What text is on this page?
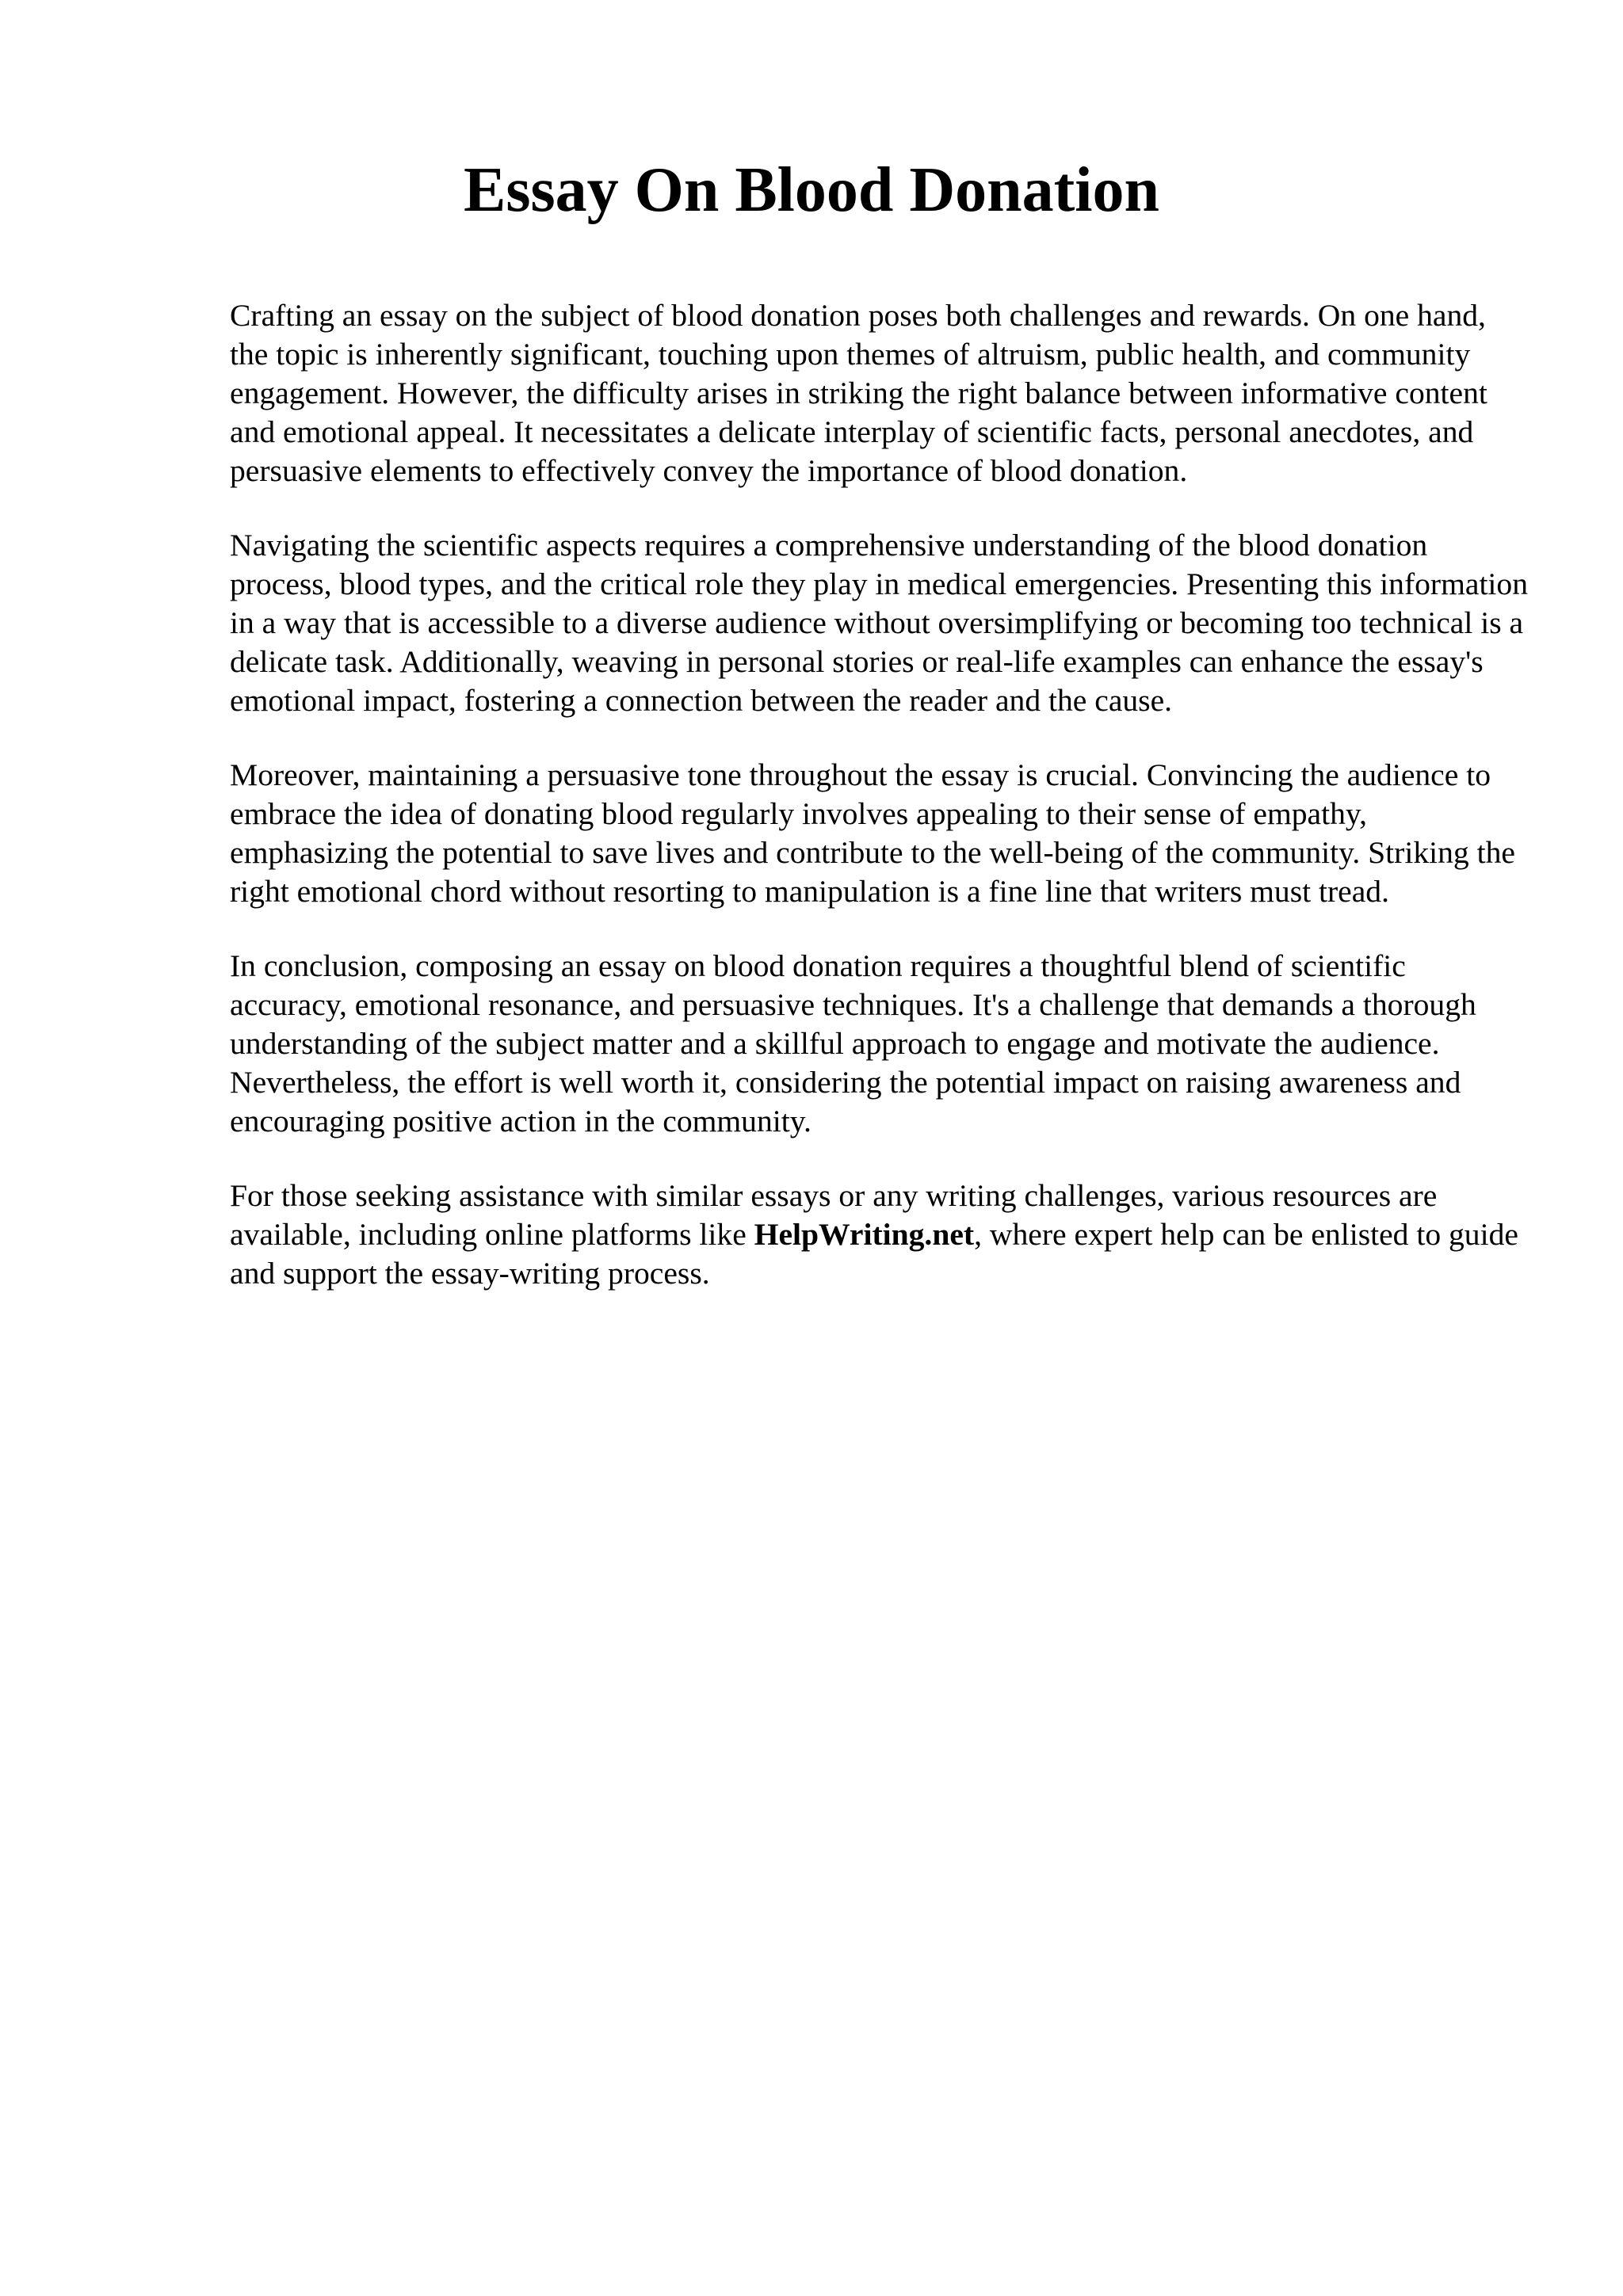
Essay On Blood Donation

Crafting an essay on the subject of blood donation poses both challenges and rewards. On one hand, the topic is inherently significant, touching upon themes of altruism, public health, and community engagement. However, the difficulty arises in striking the right balance between informative content and emotional appeal. It necessitates a delicate interplay of scientific facts, personal anecdotes, and persuasive elements to effectively convey the importance of blood donation.

Navigating the scientific aspects requires a comprehensive understanding of the blood donation process, blood types, and the critical role they play in medical emergencies. Presenting this information in a way that is accessible to a diverse audience without oversimplifying or becoming too technical is a delicate task. Additionally, weaving in personal stories or real-life examples can enhance the essay's emotional impact, fostering a connection between the reader and the cause.

Moreover, maintaining a persuasive tone throughout the essay is crucial. Convincing the audience to embrace the idea of donating blood regularly involves appealing to their sense of empathy, emphasizing the potential to save lives and contribute to the well-being of the community. Striking the right emotional chord without resorting to manipulation is a fine line that writers must tread.

In conclusion, composing an essay on blood donation requires a thoughtful blend of scientific accuracy, emotional resonance, and persuasive techniques. It's a challenge that demands a thorough understanding of the subject matter and a skillful approach to engage and motivate the audience. Nevertheless, the effort is well worth it, considering the potential impact on raising awareness and encouraging positive action in the community.

For those seeking assistance with similar essays or any writing challenges, various resources are available, including online platforms like HelpWriting.net, where expert help can be enlisted to guide and support the essay-writing process.
